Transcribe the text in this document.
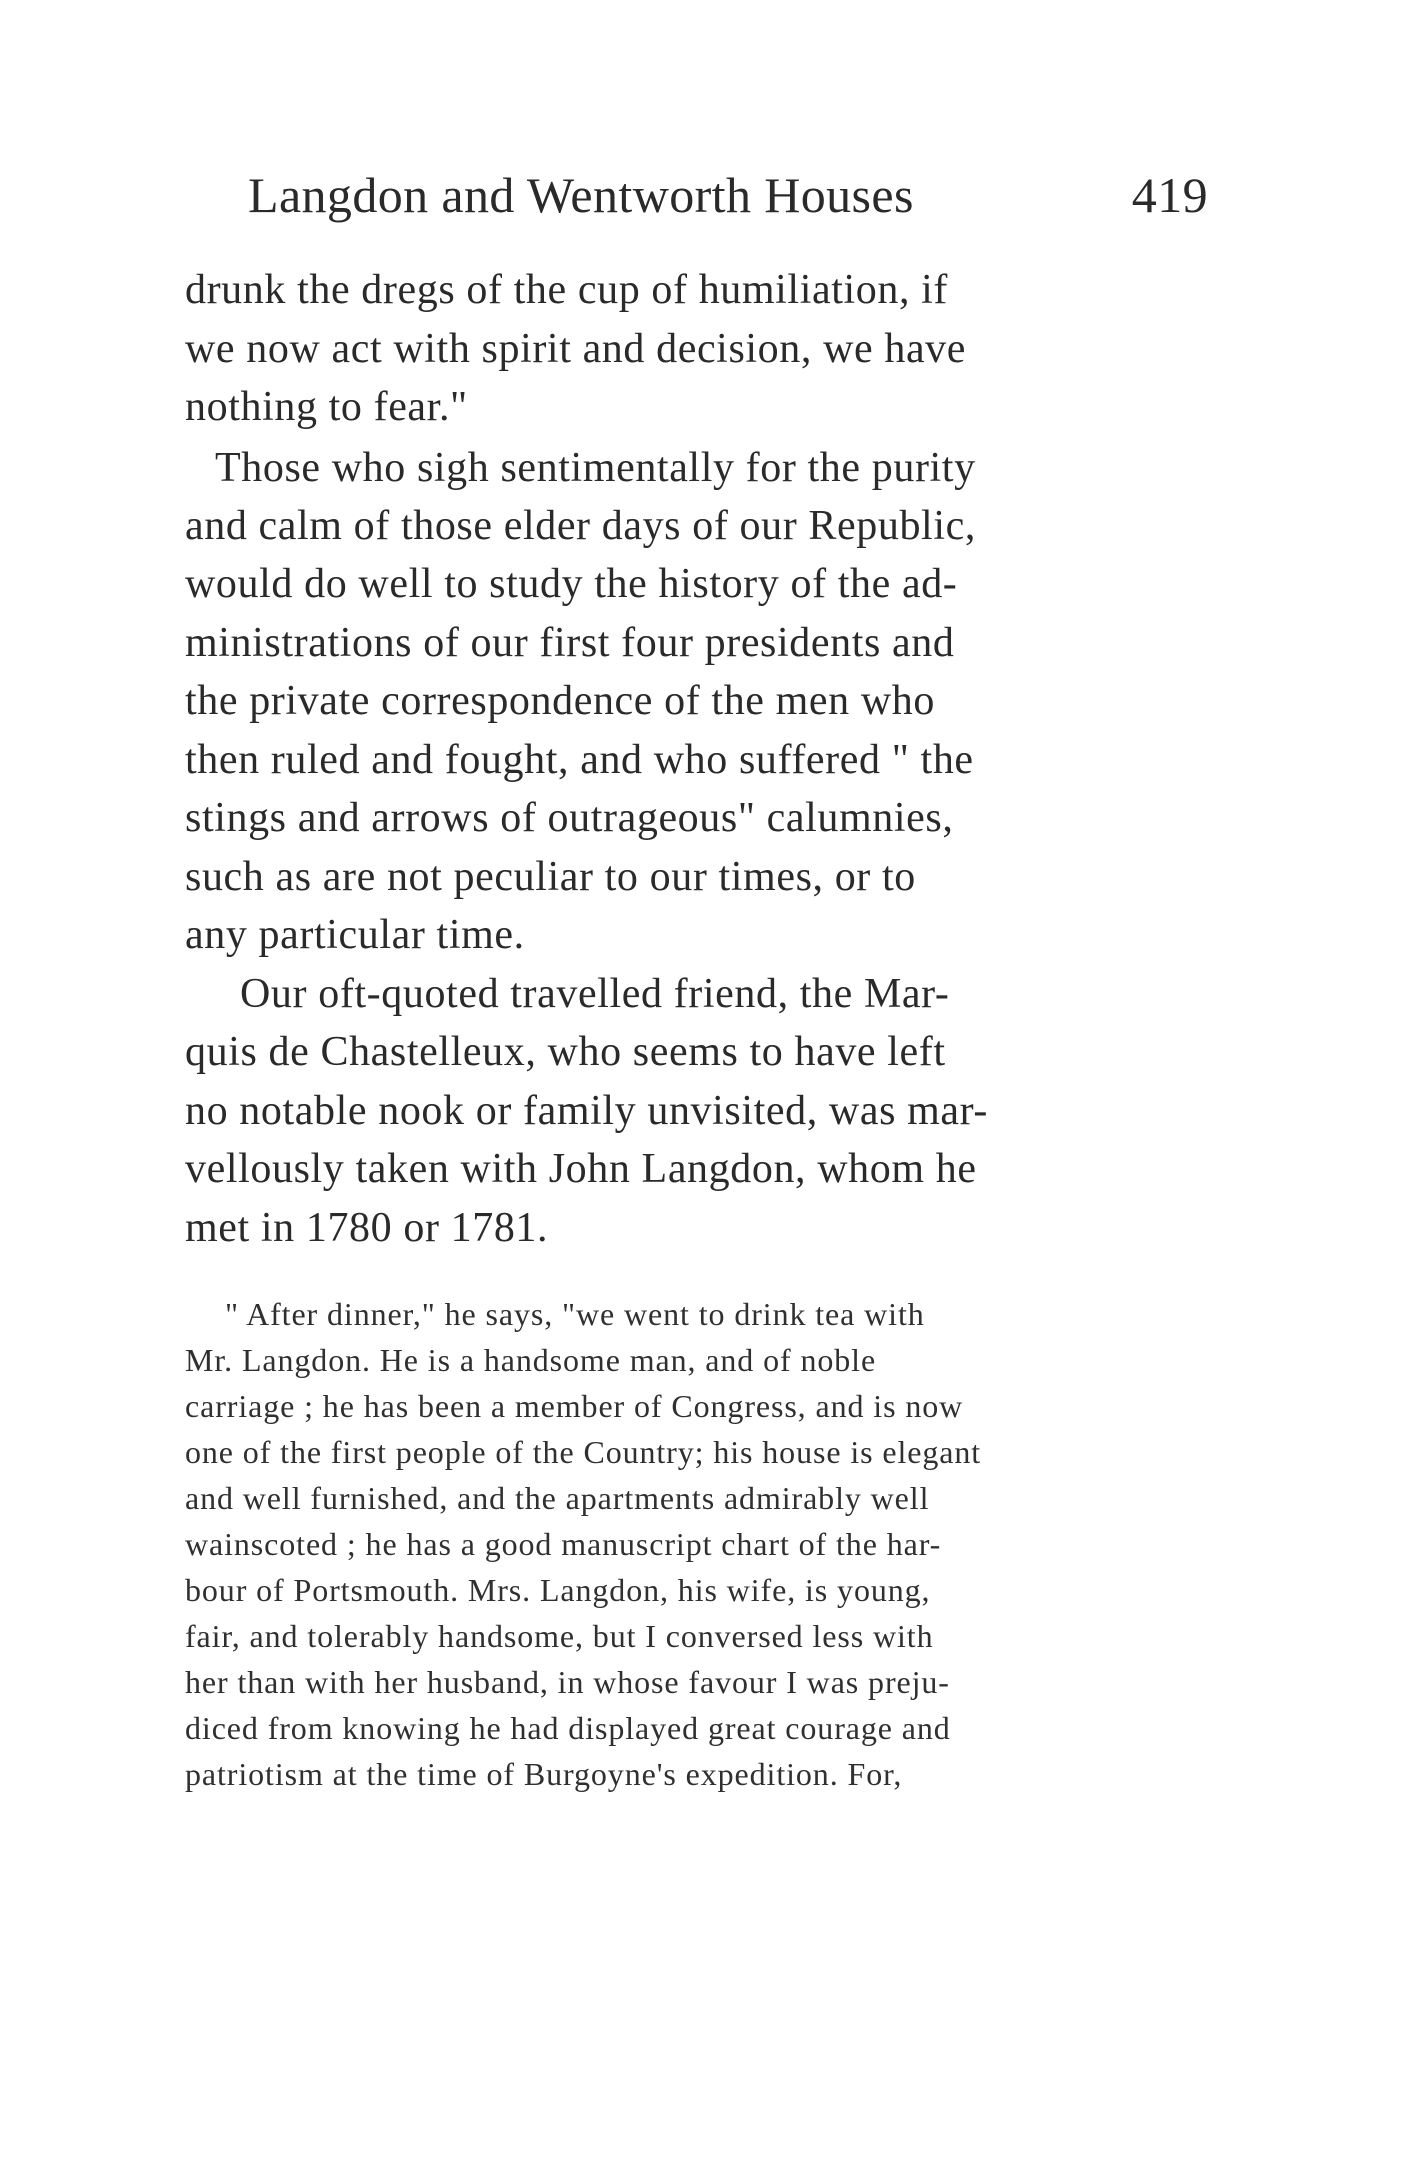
Langdon and Wentworth Houses	419
drunk the dregs of the cup of humiliation, if
we now act with spirit and decision, we have
nothing to fear."
Those who sigh sentimentally for the purity
and calm of those elder days of our Republic,
would do well to study the history of the ad-
ministrations of our first four presidents and
the private correspondence of the men who
then ruled and fought, and who suffered " the
stings and arrows of outrageous" calumnies,
such as are not peculiar to our times, or to
any particular time.
Our oft-quoted travelled friend, the Mar-
quis de Chastelleux, who seems to have left
no notable nook or family unvisited, was mar-
vellously taken with John Langdon, whom he
met in 1780 or 1781.
" After dinner," he says, "we went to drink tea with
Mr. Langdon. He is a handsome man, and of noble
carriage ; he has been a member of Congress, and is now
one of the first people of the Country; his house is elegant
and well furnished, and the apartments admirably well
wainscoted ; he has a good manuscript chart of the har-
bour of Portsmouth. Mrs. Langdon, his wife, is young,
fair, and tolerably handsome, but I conversed less with
her than with her husband, in whose favour I was preju-
diced from knowing he had displayed great courage and
patriotism at the time of Burgoyne's expedition. For,
